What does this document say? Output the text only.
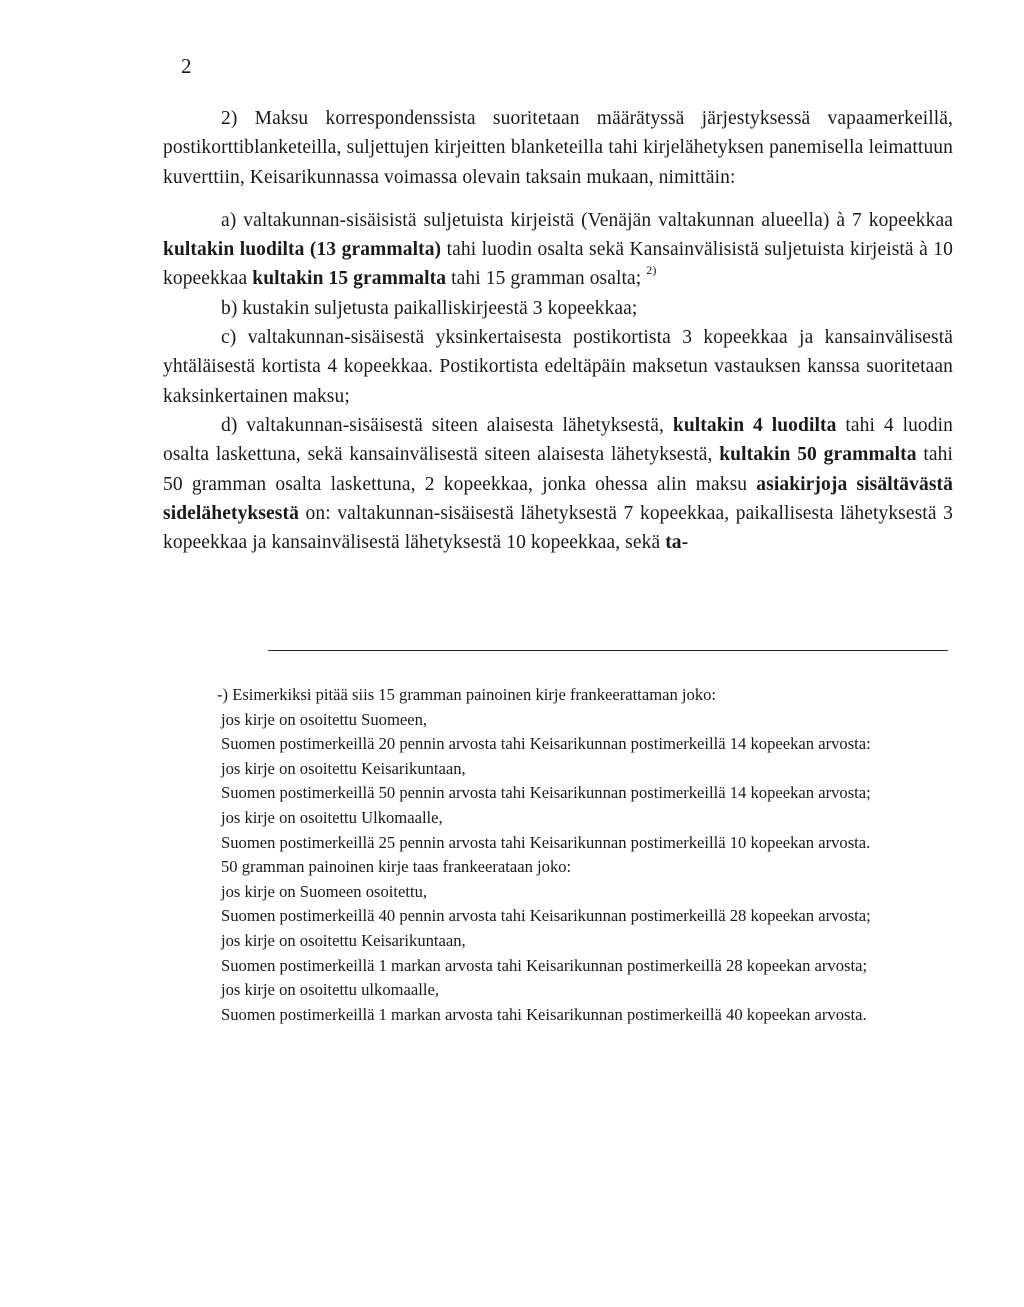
2

2) Maksu korrespondenssista suoritetaan määrätyssä järjestyksessä vapaamerkeillä, postikorttiblanketeilla, suljettujen kirjeitten blanketeilla tahi kirjelähetyksen panemisella leimattuun kuverttiin, Keisarikunnassa voimassa olevain taksain mukaan, nimittäin:

a) valtakunnan-sisäisistä suljetuista kirjeistä (Venäjän valtakunnan alueella) à 7 kopeekkaa kultakin luodilta (13 grammalta) tahi luodin osalta sekä Kansainvälisistä suljetuista kirjeistä à 10 kopeekkaa kultakin 15 grammalta tahi 15 gramman osalta; $^{2)}$

b) kustakin suljetusta paikalliskirjeestä 3 kopeekkaa;

c) valtakunnan-sisäisestä yksinkertaisesta postikortista 3 kopeekkaa ja kansainvälisestä yhtäläisestä kortista 4 kopeekkaa. Postikortista edeltäpäin maksetun vastauksen kanssa suoritetaan kaksinkertainen maksu;

d) valtakunnan-sisäisestä siteen alaisesta lähetyksestä, kultakin 4 luodilta tahi 4 luodin osalta laskettuna, sekä kansainvälisestä siteen alaisesta lähetyksestä, kultakin 50 grammalta tahi 50 gramman osalta laskettuna, 2 kopeekkaa, jonka ohessa alin maksu asiakirjoja sisältävästä sidelähetyksestä on: valtakunnan-sisäisestä lähetyksestä 7 kopeekkaa, paikallisesta lähetyksestä 3 kopeekkaa ja kansainvälisestä lähetyksestä 10 kopeekkaa, sekä ta-

-) Esimerkiksi pitää siis 15 gramman painoinen kirje frankeerattaman joko:

jos kirje on osoitettu Suomeen,

Suomen postimerkeillä 20 pennin arvosta tahi Keisarikunnan postimerkeillä 14 kopeekan arvosta:

jos kirje on osoitettu Keisarikuntaan,

Suomen postimerkeillä 50 pennin arvosta tahi Keisarikunnan postimerkeillä 14 kopeekan arvosta;

jos kirje on osoitettu Ulkomaalle,

Suomen postimerkeillä 25 pennin arvosta tahi Keisarikunnan postimerkeillä 10 kopeekan arvosta.

50 gramman painoinen kirje taas frankeerataan joko:

jos kirje on Suomeen osoitettu,

Suomen postimerkeillä 40 pennin arvosta tahi Keisarikunnan postimerkeillä 28 kopeekan arvosta;

jos kirje on osoitettu Keisarikuntaan,

Suomen postimerkeillä 1 markan arvosta tahi Keisarikunnan postimerkeillä 28 kopeekan arvosta;

jos kirje on osoitettu ulkomaalle,

Suomen postimerkeillä 1 markan arvosta tahi Keisarikunnan postimerkeillä 40 kopeekan arvosta.
